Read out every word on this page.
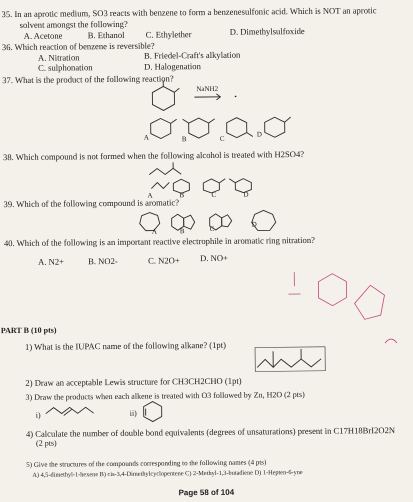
35. In an aprotic medium, SO3 reacts with benzene to form a benzenesulfonic acid. Which is NOT an aprotic
solvent amongst the following?
A. Acetone	B. Ethanol C. Ethylether	D. Dimethylsulfoxide
36. Which reaction of benzene is reversible?
A. Nitration	B. Friedel-Craft's alkylation
C. sulphonation	D. Halogenation
37. What is the product of the following reaction?
NaNH2
•
A	B	C
D
38. Which compound is not formed when the following alcohol is treated with H2SO4?
A	B	C	D
39. Which of the following compound is aromatic?
A	B	C
D
40. Which of the following is an important reactive electrophile in aromatic ring nitration?
A. N2+	B. NO2-	C. N2O+ D. NO+
PART B (10 pts)
1) What is the IUPAC name of the following alkane? (1pt)
2) Draw an acceptable Lewis structure for CH3CH2CHO (1pt)
3) Draw the products when each alkene is treated with O3 followed by Zn, H2O (2 pts)
i)	ii)
4) Calculate the number of double bond equivalents (degrees of unsaturations) present in C17H18BrI2O2N
(2 pts)
5) Give the structures of the compounds corresponding to the following names (4 pts)
A) 4,5-dimethyl-1-hexene B) cis-3,4-Dimethylcyclopentene C) 2-Methyl-1,3-butadiene D) 1-Hepten-6-yne
Page 58 of 104
